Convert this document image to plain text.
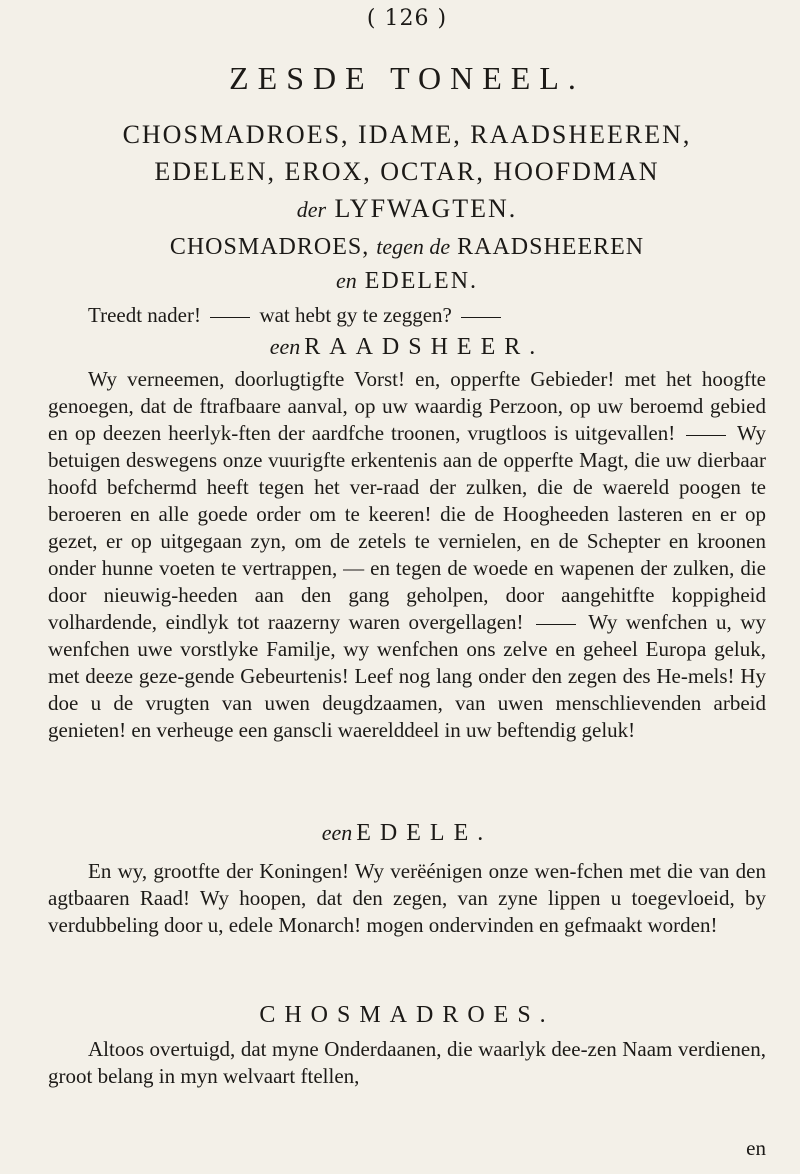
( 126 )
ZESDE TONEEL.
CHOSMADROES, IDAME, RAADSHEEREN,
EDELEN, EROX, OCTAR, HOOFDMAN
der LYFWAGTEN.
CHOSMADROES, tegen de RAADSHEEREN
en EDELEN.
Treedt nader!	wat hebt gy te zeggen?
een RAADSHEER.
Wy verneemen, doorlugtigfte Vorst! en, opperfte Gebieder! met het hoogfte genoegen, dat de ftrafbaare aanval, op uw waardig Perzoon, op uw beroemd gebied en op deezen heerlyk-ften der aardfche troonen, vrugtloos is uitgevallen!	Wy betuigen deswegens onze vuurigfte erkentenis aan de opperfte Magt, die uw dierbaar hoofd befchermd heeft tegen het ver-raad der zulken, die de waereld poogen te beroeren en alle goede order om te keeren! die de Hoogheeden lasteren en er op gezet, er op uitgegaan zyn, om de zetels te vernielen, en de Schepter en kroonen onder hunne voeten te vertrappen, — en tegen de woede en wapenen der zulken, die door nieuwig-heeden aan den gang geholpen, door aangehitfte koppigheid volhardende, eindlyk tot raazerny waren overgellagen!	Wy wenfchen u, wy wenfchen uwe vorstlyke Familje, wy wenfchen ons zelve en geheel Europa geluk, met deeze geze-gende Gebeurtenis! Leef nog lang onder den zegen des He-mels! Hy doe u de vrugten van uwen deugdzaamen, van uwen menschlievenden arbeid genieten! en verheuge een ganscli waerelddeel in uw beftendig geluk!
een EDELE.
En wy, grootfte der Koningen! Wy verëénigen onze wen-fchen met die van den agtbaaren Raad! Wy hoopen, dat den zegen, van zyne lippen u toegevloeid, by verdubbeling door u, edele Monarch! mogen ondervinden en gefmaakt worden!
CHOSMADROES.
Altoos overtuigd, dat myne Onderdaanen, die waarlyk dee-zen Naam verdienen, groot belang in myn welvaart ftellen,
en
